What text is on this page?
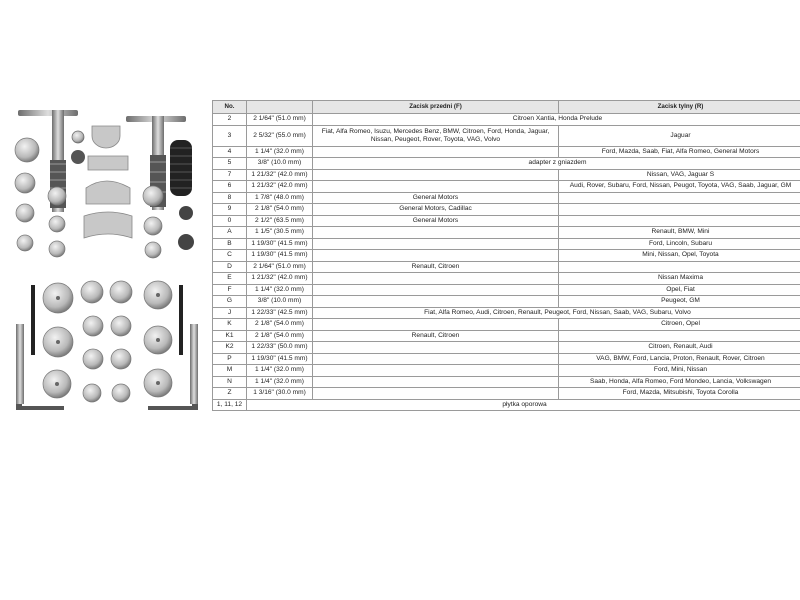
No.		Zacisk przedni (F)	Zacisk tylny (R)
2	2 1/64" (51.0 mm)	Citroen Xantia, Honda Prelude	
3	2 5/32" (55.0 mm)	Fiat, Alfa Romeo, Isuzu, Mercedes Benz, BMW, Citroen, Ford, Honda, Jaguar, Nissan, Peugeot, Rover, Toyota, VAG, Volvo	Jaguar
4	1 1/4" (32.0 mm)		Ford, Mazda, Saab, Fiat, Alfa Romeo, General Motors
5	3/8" (10.0 mm)	adapter z gniazdem	
7	1 21/32" (42.0 mm)		Nissan, VAG, Jaguar S
6	1 21/32" (42.0 mm)		Audi, Rover, Subaru, Ford, Nissan, Peugot, Toyota, VAG, Saab, Jaguar, GM
8	1 7/8" (48.0 mm)	General Motors	
9	2 1/8" (54.0 mm)	General Motors, Cadillac	
0	2 1/2" (63.5 mm)	General Motors	
A	1 1/5" (30.5 mm)		Renault, BMW, Mini
B	1 19/30" (41.5 mm)		Ford, Lincoln, Subaru
C	1 19/30" (41.5 mm)		Mini, Nissan, Opel, Toyota
D	2 1/64" (51.0 mm)	Renault, Citroen	
E	1 21/32" (42.0 mm)		Nissan Maxima
F	1 1/4" (32.0 mm)		Opel, Fiat
G	3/8" (10.0 mm)		Peugeot, GM
J	1 22/33" (42.5 mm)	Fiat, Alfa Romeo, Audi, Citroen, Renault, Peugeot, Ford, Nissan, Saab, VAG, Subaru, Volvo	
K	2 1/8" (54.0 mm)		Citroen, Opel
K1	2 1/8" (54.0 mm)	Renault, Citroen	
K2	1 22/33" (50.0 mm)		Citroen, Renault, Audi
P	1 19/30" (41.5 mm)		VAG, BMW, Ford, Lancia, Proton, Renault, Rover, Citroen
M	1 1/4" (32.0 mm)		Ford, Mini, Nissan
N	1 1/4" (32.0 mm)		Saab, Honda, Alfa Romeo, Ford Mondeo, Lancia, Volkswagen
Z	1 3/16" (30.0 mm)		Ford, Mazda, Mitsubishi, Toyota Corolla
1, 11, 12	płytka oporowa		
